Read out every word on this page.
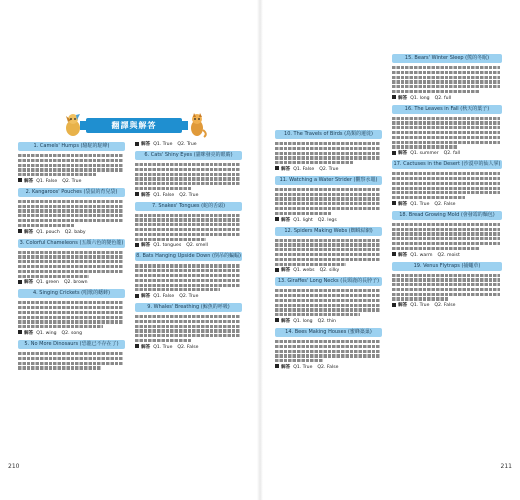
翻譯與解答
1. Camels' Humps (駱駝的駝峰)
解答 Q1. False Q2. True
2. Kangaroos' Pouches (袋鼠的育兒袋)
解答 Q1. pouch Q2. baby
3. Colorful Chameleons (五顏六色的變色龍)
解答 Q1. green Q2. brown
4. Singing Crickets (唱歌的蟋蟀)
解答 Q1. wing Q2. song
5. No More Dinosaurs (恐龍已不存在了)
解答 Q1. True Q2. True
6. Cats' Shiny Eyes (貓咪發亮的眼睛)
解答 Q1. False Q2. True
7. Snakes' Tongues (蛇的舌頭)
解答 Q1. tongues Q2. smell
8. Bats Hanging Upside Down (倒吊的蝙蝠)
解答 Q1. False Q2. True
9. Whales' Breathing (鯨魚的呼吸)
解答 Q1. True Q2. False
10. The Travels of Birds (鳥類的遷徙)
解答 Q1. False Q2. True
11. Watching a Water Strider (觀察水黽)
解答 Q1. light Q2. legs
12. Spiders Making Webs (蜘蛛結網)
解答 Q1. webs Q2. silky
13. Giraffes' Long Necks (長頸鹿的長脖子)
解答 Q1. long Q2. thin
14. Bees Making Houses (蜜蜂築巢)
解答 Q1. True Q2. False
15. Bears' Winter Sleep (熊的冬眠)
解答 Q1. long Q2. full
16. The Leaves in Fall (秋天的葉子)
解答 Q1. summer Q2. fall
17. Cactuses in the Desert (沙漠中的仙人掌)
解答 Q1. True Q2. False
18. Bread Growing Mold (會發霉的麵包)
解答 Q1. warm Q2. moist
19. Venus Flytraps (捕蠅草)
解答 Q1. True Q2. False
210	211
